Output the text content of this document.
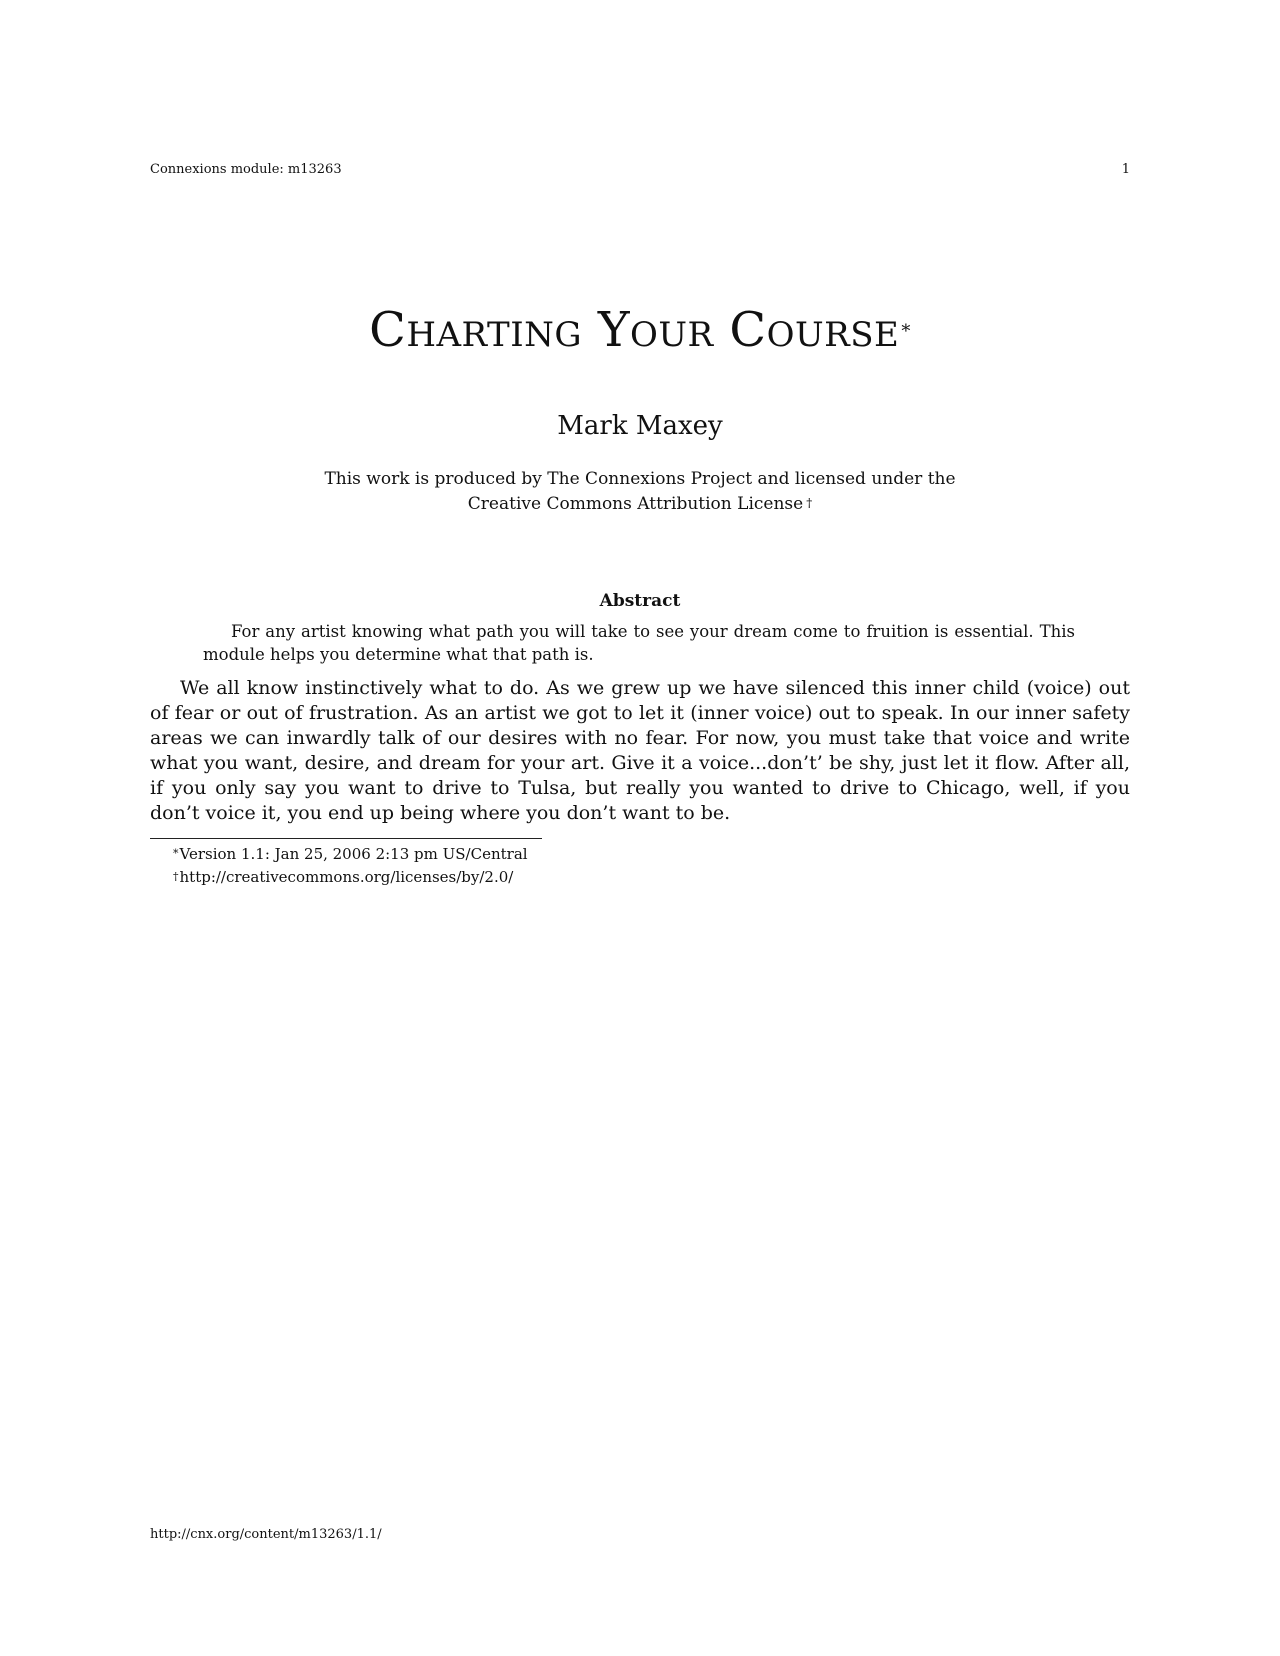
Connexions module: m13263	1
Charting Your Course *
Mark Maxey
This work is produced by The Connexions Project and licensed under the
Creative Commons Attribution License †
Abstract
For any artist knowing what path you will take to see your dream come to fruition is essential. This module helps you determine what that path is.
We all know instinctively what to do. As we grew up we have silenced this inner child (voice) out of fear or out of frustration. As an artist we got to let it (inner voice) out to speak. In our inner safety areas we can inwardly talk of our desires with no fear. For now, you must take that voice and write what you want, desire, and dream for your art. Give it a voice...don’t’ be shy, just let it flow. After all, if you only say you want to drive to Tulsa, but really you wanted to drive to Chicago, well, if you don’t voice it, you end up being where you don’t want to be.
*Version 1.1: Jan 25, 2006 2:13 pm US/Central
†http://creativecommons.org/licenses/by/2.0/
http://cnx.org/content/m13263/1.1/
